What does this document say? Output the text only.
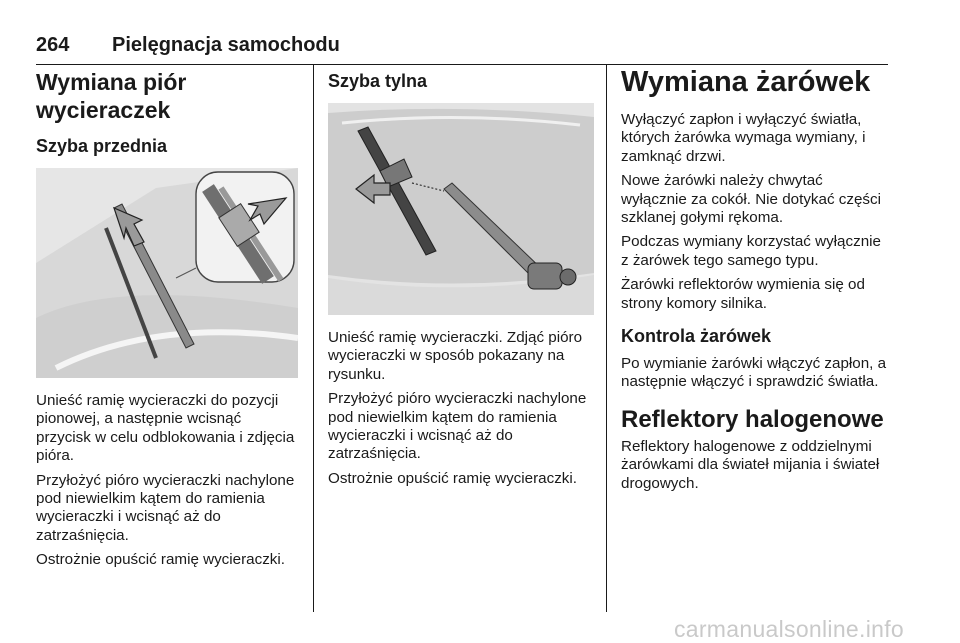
264 Pielęgnacja samochodu
Wymiana piór wycieraczek
Szyba przednia

Unieść ramię wycieraczki do pozycji pionowej, a następnie wcisnąć przycisk w celu odblokowania i zdjęcia pióra.

Przyłożyć pióro wycieraczki nachylone pod niewielkim kątem do ramienia wycieraczki i wcisnąć aż do zatrzaśnięcia.

Ostrożnie opuścić ramię wycieraczki.

Szyba tylna

Unieść ramię wycieraczki. Zdjąć pióro wycieraczki w sposób pokazany na rysunku.

Przyłożyć pióro wycieraczki nachylone pod niewielkim kątem do ramienia wycieraczki i wcisnąć aż do zatrzaśnięcia.

Ostrożnie opuścić ramię wycieraczki.

Wymiana żarówek

Wyłączyć zapłon i wyłączyć światła, których żarówka wymaga wymiany, i zamknąć drzwi.

Nowe żarówki należy chwytać wyłącznie za cokół. Nie dotykać części szklanej gołymi rękoma.

Podczas wymiany korzystać wyłącznie z żarówek tego samego typu.

Żarówki reflektorów wymienia się od strony komory silnika.

Kontrola żarówek

Po wymianie żarówki włączyć zapłon, a następnie włączyć i sprawdzić światła.

Reflektory halogenowe

Reflektory halogenowe z oddzielnymi żarówkami dla świateł mijania i świateł drogowych.

carmanualsonline.info
